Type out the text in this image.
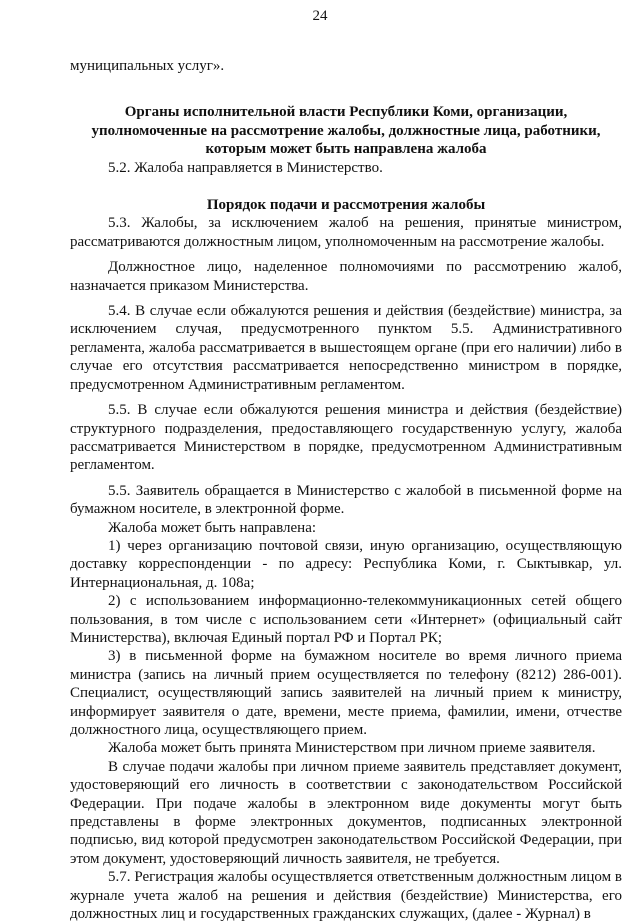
24

муниципальных услуг».

Органы исполнительной власти Республики Коми, организации, уполномоченные на рассмотрение жалобы, должностные лица, работники, которым может быть направлена жалоба

5.2. Жалоба направляется в Министерство.

Порядок подачи и рассмотрения жалобы

5.3. Жалобы, за исключением жалоб на решения, принятые министром, рассматриваются должностным лицом, уполномоченным на рассмотрение жалобы.

Должностное лицо, наделенное полномочиями по рассмотрению жалоб, назначается приказом Министерства.

5.4. В случае если обжалуются решения и действия (бездействие) министра, за исключением случая, предусмотренного пунктом 5.5. Административного регламента, жалоба рассматривается в вышестоящем органе (при его наличии) либо в случае его отсутствия рассматривается непосредственно министром в порядке, предусмотренном Административным регламентом.

5.5. В случае если обжалуются решения министра и действия (бездействие) структурного подразделения, предоставляющего государственную услугу, жалоба рассматривается Министерством в порядке, предусмотренном Административным регламентом.

5.5. Заявитель обращается в Министерство с жалобой в письменной форме на бумажном носителе, в электронной форме.

Жалоба может быть направлена:

1) через организацию почтовой связи, иную организацию, осуществляющую доставку корреспонденции - по адресу: Республика Коми, г. Сыктывкар, ул. Интернациональная, д. 108а;

2) с использованием информационно-телекоммуникационных сетей общего пользования, в том числе с использованием сети «Интернет» (официальный сайт Министерства), включая Единый портал РФ и Портал РК;

3) в письменной форме на бумажном носителе во время личного приема министра (запись на личный прием осуществляется по телефону (8212) 286-001). Специалист, осуществляющий запись заявителей на личный прием к министру, информирует заявителя о дате, времени, месте приема, фамилии, имени, отчестве должностного лица, осуществляющего прием.

Жалоба может быть принята Министерством при личном приеме заявителя.

В случае подачи жалобы при личном приеме заявитель представляет документ, удостоверяющий его личность в соответствии с законодательством Российской Федерации. При подаче жалобы в электронном виде документы могут быть представлены в форме электронных документов, подписанных электронной подписью, вид которой предусмотрен законодательством Российской Федерации, при этом документ, удостоверяющий личность заявителя, не требуется.

5.7. Регистрация жалобы осуществляется ответственным должностным лицом в журнале учета жалоб на решения и действия (бездействие) Министерства, его должностных лиц и государственных гражданских служащих, (далее - Журнал) в
